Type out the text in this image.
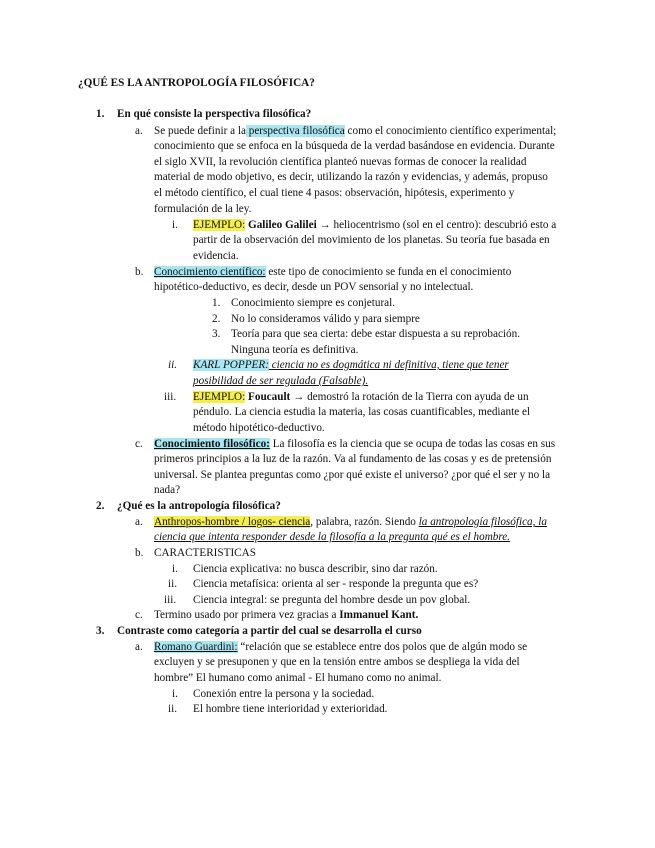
¿QUÉ ES LA ANTROPOLOGÍA FILOSÓFICA?
1. En qué consiste la perspectiva filosófica?
a. Se puede definir a la perspectiva filosófica como el conocimiento científico experimental;
conocimiento que se enfoca en la búsqueda de la verdad basándose en evidencia. Durante
el siglo XVII, la revolución científica planteó nuevas formas de conocer la realidad
material de modo objetivo, es decir, utilizando la razón y evidencias, y además, propuso
el método científico, el cual tiene 4 pasos: observación, hipótesis, experimento y
formulación de la ley.
i. EJEMPLO: Galileo Galilei → heliocentrismo (sol en el centro): descubrió esto a
partir de la observación del movimiento de los planetas. Su teoría fue basada en
evidencia.
b. Conocimiento científico: este tipo de conocimiento se funda en el conocimiento
hipotético-deductivo, es decir, desde un POV sensorial y no intelectual.
1. Conocimiento siempre es conjetural.
2. No lo consideramos válido y para siempre
3. Teoría para que sea cierta: debe estar dispuesta a su reprobación.
Ninguna teoría es definitiva.
ii. KARL POPPER: ciencia no es dogmática ni definitiva, tiene que tener
posibilidad de ser regulada (Falsable).
iii. EJEMPLO: Foucault → demostró la rotación de la Tierra con ayuda de un
péndulo. La ciencia estudia la materia, las cosas cuantificables, mediante el
método hipotético-deductivo.
c. Conocimiento filosófico: La filosofía es la ciencia que se ocupa de todas las cosas en sus
primeros principios a la luz de la razón. Va al fundamento de las cosas y es de pretensión
universal. Se plantea preguntas como ¿por qué existe el universo? ¿por qué el ser y no la
nada?
2. ¿Qué es la antropología filosófica?
a. Anthropos-hombre / logos- ciencia, palabra, razón. Siendo la antropología filosófica, la
ciencia que intenta responder desde la filosofía a la pregunta qué es el hombre.
b. CARACTERISTICAS
i. Ciencia explicativa: no busca describir, sino dar razón.
ii. Ciencia metafísica: orienta al ser - responde la pregunta que es?
iii. Ciencia integral: se pregunta del hombre desde un pov global.
c. Termino usado por primera vez gracias a Immanuel Kant.
3. Contraste como categoría a partir del cual se desarrolla el curso
a. Romano Guardini: “relación que se establece entre dos polos que de algún modo se
excluyen y se presuponen y que en la tensión entre ambos se despliega la vida del
hombre” El humano como animal - El humano como no animal.
i. Conexión entre la persona y la sociedad.
ii. El hombre tiene interioridad y exterioridad.
